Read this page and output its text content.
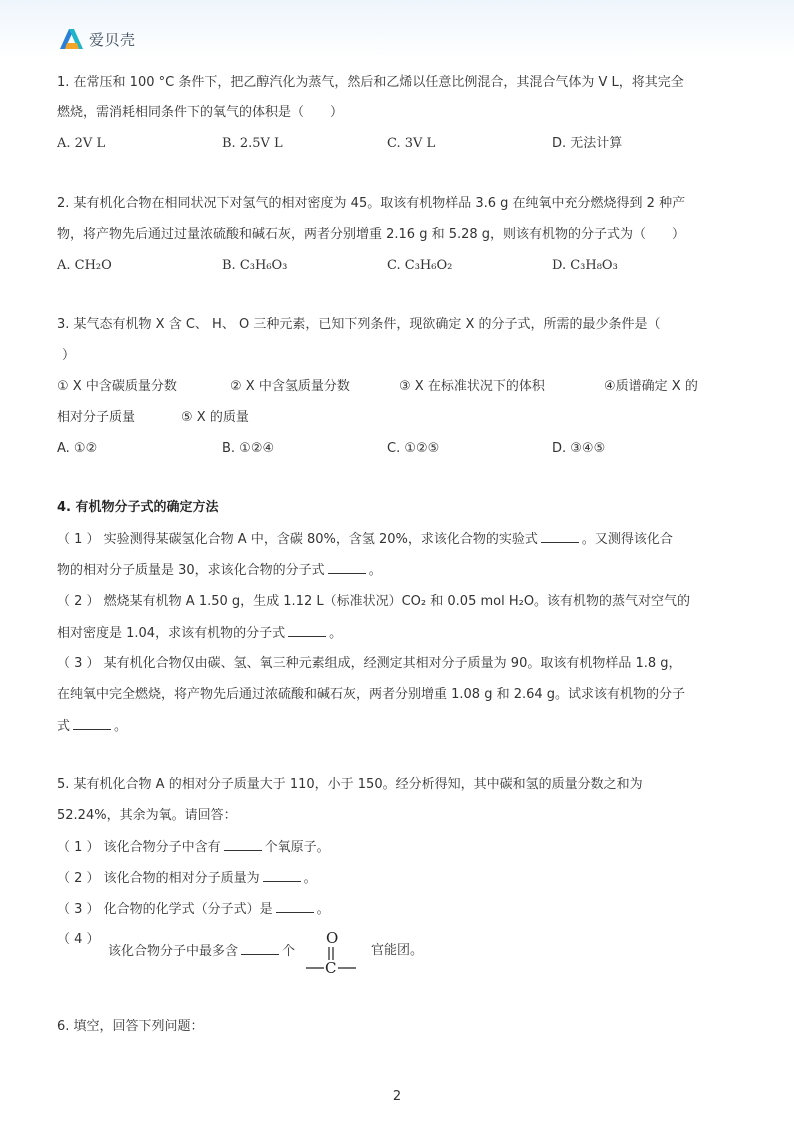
爱贝壳
1. 在常压和 100 °C 条件下，把乙醇汽化为蒸气，然后和乙烯以任意比例混合，其混合气体为 V L，将其完全
燃烧，需消耗相同条件下的氧气的体积是（　　）
A. 2V L	B. 2.5V L	C. 3V L	D. 无法计算
2. 某有机化合物在相同状况下对氢气的相对密度为 45。取该有机物样品 3.6 g 在纯氧中充分燃烧得到 2 种产
物，将产物先后通过过量浓硫酸和碱石灰，两者分别增重 2.16 g 和 5.28 g，则该有机物的分子式为（　　）
A. CH₂O	B. C₃H₆O₃	C. C₃H₆O₂	D. C₃H₈O₃
3. 某气态有机物 X 含 C、 H、 O 三种元素，已知下列条件，现欲确定 X 的分子式，所需的最少条件是（
）
① X 中含碳质量分数	② X 中含氢质量分数	③ X 在标准状况下的体积	④质谱确定 X 的
相对分子质量	⑤ X 的质量
A. ①②	B. ①②④	C. ①②⑤	D. ③④⑤
4. 有机物分子式的确定方法
（ 1 ） 实验测得某碳氢化合物 A 中，含碳 80%，含氢 20%，求该化合物的实验式	。又测得该化合
物的相对分子质量是 30，求该化合物的分子式	。
（ 2 ） 燃烧某有机物 A 1.50 g，生成 1.12 L（标准状况）CO₂ 和 0.05 mol H₂O。该有机物的蒸气对空气的
相对密度是 1.04，求该有机物的分子式	。
（ 3 ） 某有机化合物仅由碳、氢、氧三种元素组成，经测定其相对分子质量为 90。取该有机物样品 1.8 g，
在纯氧中完全燃烧，将产物先后通过浓硫酸和碱石灰，两者分别增重 1.08 g 和 2.64 g。试求该有机物的分子
式	。
5. 某有机化合物 A 的相对分子质量大于 110，小于 150。经分析得知，其中碳和氢的质量分数之和为
52.24%，其余为氧。请回答：
（ 1 ） 该化合物分子中含有	个氧原子。
（ 2 ） 该化合物的相对分子质量为	。
（ 3 ） 化合物的化学式（分子式）是	。
（ 4 ）
该化合物分子中最多含	个
O
C
官能团。
6. 填空，回答下列问题：
2
